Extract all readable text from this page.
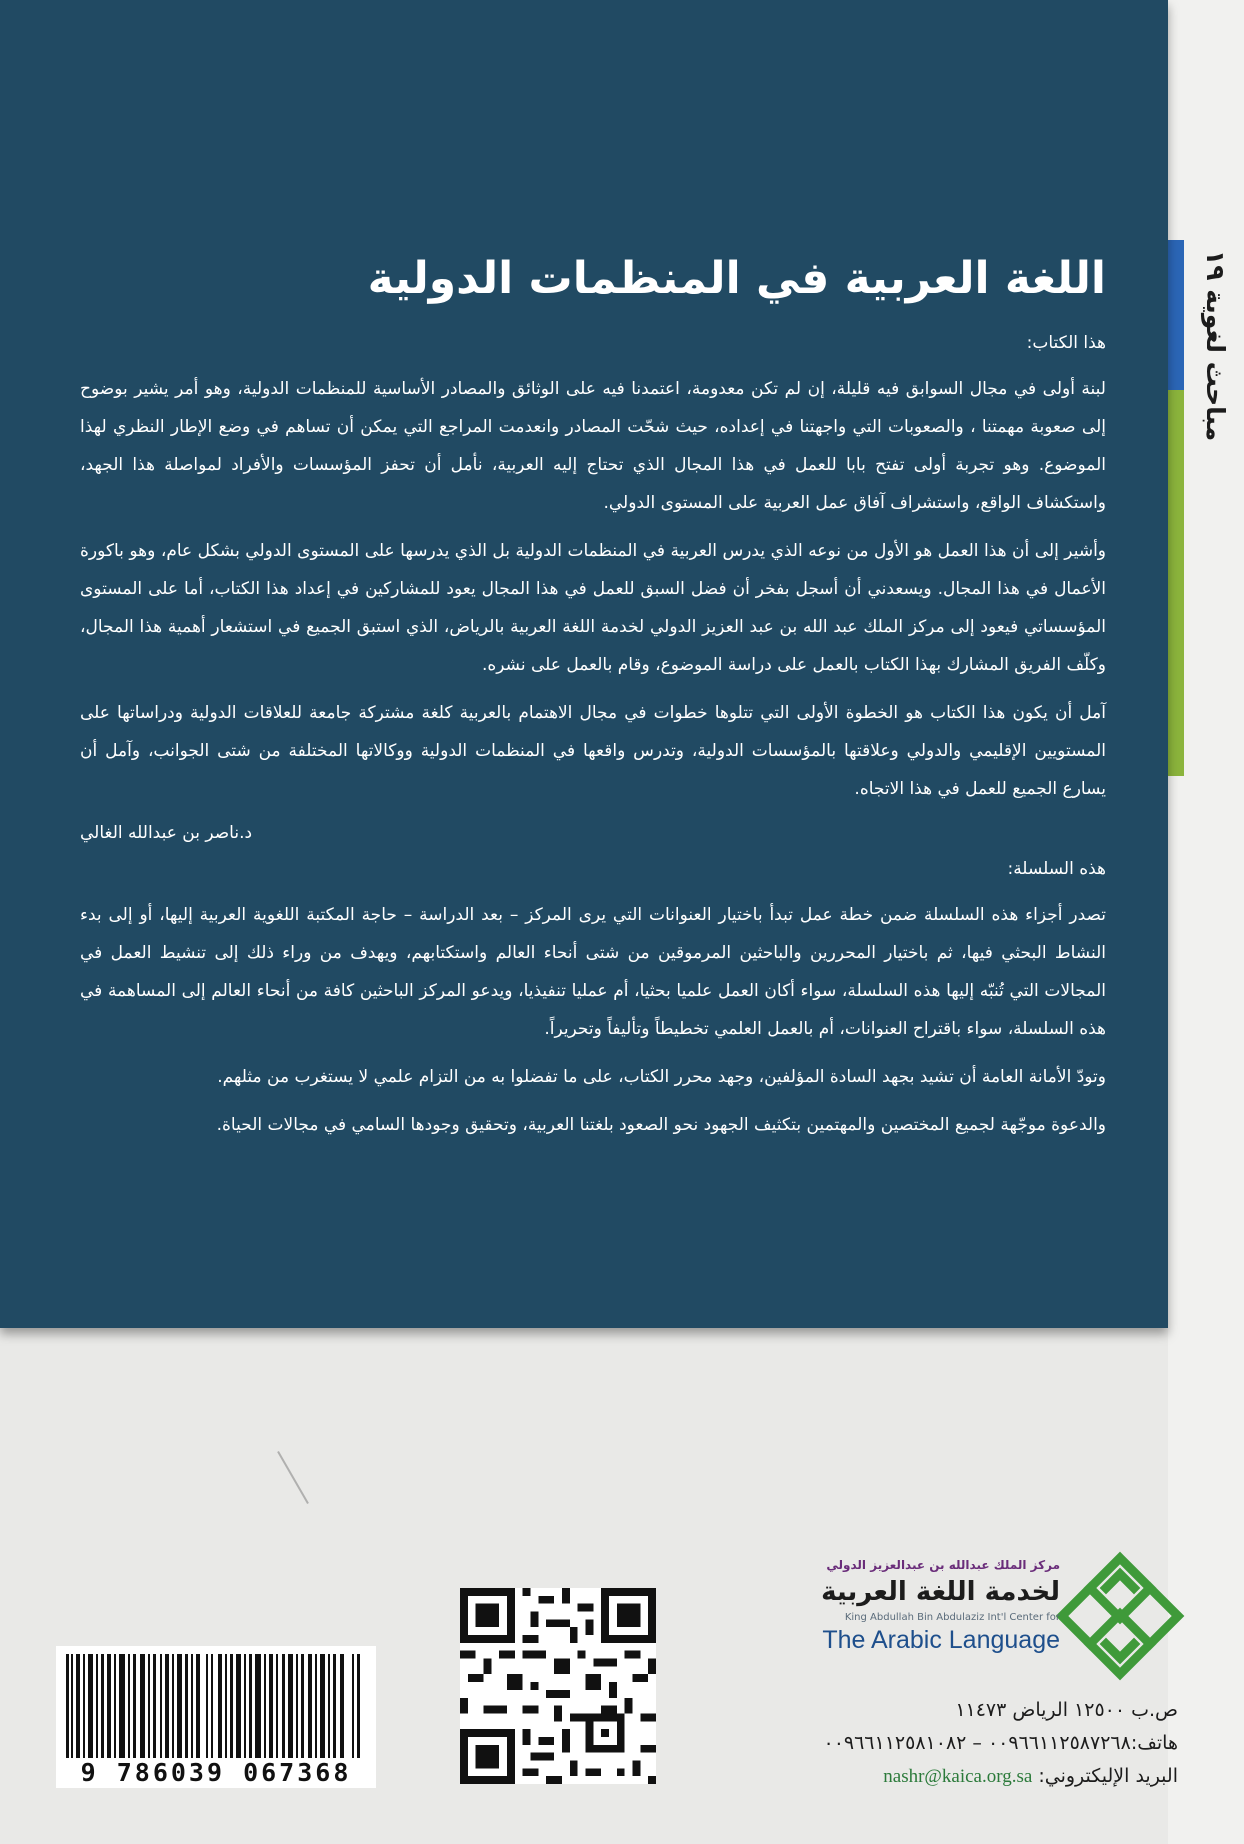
مباحث لغوية ١٩
اللغة العربية في المنظمات الدولية
هذا الكتاب:

لبنة أولى في مجال السوابق فيه قليلة، إن لم تكن معدومة، اعتمدنا فيه على الوثائق والمصادر الأساسية للمنظمات الدولية، وهو أمر يشير بوضوح إلى صعوبة مهمتنا ، والصعوبات التي واجهتنا في إعداده، حيث شحّت المصادر وانعدمت المراجع التي يمكن أن تساهم في وضع الإطار النظري لهذا الموضوع. وهو تجربة أولى تفتح بابا للعمل في هذا المجال الذي تحتاج إليه العربية، نأمل أن تحفز المؤسسات والأفراد لمواصلة هذا الجهد، واستكشاف الواقع، واستشراف آفاق عمل العربية على المستوى الدولي.

وأشير إلى أن هذا العمل هو الأول من نوعه الذي يدرس العربية في المنظمات الدولية بل الذي يدرسها على المستوى الدولي بشكل عام، وهو باكورة الأعمال في هذا المجال. ويسعدني أن أسجل بفخر أن فضل السبق للعمل في هذا المجال يعود للمشاركين في إعداد هذا الكتاب، أما على المستوى المؤسساتي فيعود إلى مركز الملك عبد الله بن عبد العزيز الدولي لخدمة اللغة العربية بالرياض، الذي استبق الجميع في استشعار أهمية هذا المجال، وكلّف الفريق المشارك بهذا الكتاب بالعمل على دراسة الموضوع، وقام بالعمل على نشره.

آمل أن يكون هذا الكتاب هو الخطوة الأولى التي تتلوها خطوات في مجال الاهتمام بالعربية كلغة مشتركة جامعة للعلاقات الدولية ودراساتها على المستويين الإقليمي والدولي وعلاقتها بالمؤسسات الدولية، وتدرس واقعها في المنظمات الدولية ووكالاتها المختلفة من شتى الجوانب، وآمل أن يسارع الجميع للعمل في هذا الاتجاه.

د.ناصر بن عبدالله الغالي
هذه السلسلة:

تصدر أجزاء هذه السلسلة ضمن خطة عمل تبدأ باختيار العنوانات التي يرى المركز – بعد الدراسة – حاجة المكتبة اللغوية العربية إليها، أو إلى بدء النشاط البحثي فيها، ثم باختيار المحررين والباحثين المرموقين من شتى أنحاء العالم واستكتابهم، ويهدف من وراء ذلك إلى تنشيط العمل في المجالات التي تُنبّه إليها هذه السلسلة، سواء أكان العمل علميا بحثيا، أم عمليا تنفيذيا، ويدعو المركز الباحثين كافة من أنحاء العالم إلى المساهمة في هذه السلسلة، سواء باقتراح العنوانات، أم بالعمل العلمي تخطيطاً وتأليفاً وتحريراً.

وتودّ الأمانة العامة أن تشيد بجهد السادة المؤلفين، وجهد محرر الكتاب، على ما تفضلوا به من التزام علمي لا يستغرب من مثلهم.

والدعوة موجّهة لجميع المختصين والمهتمين بتكثيف الجهود نحو الصعود بلغتنا العربية، وتحقيق وجودها السامي في مجالات الحياة.

مركز الملك عبدالله بن عبدالعزيز الدولي
لخدمة اللغة العربية
King Abdullah Bin Abdulaziz Int'l Center for
The Arabic Language
ص.ب ١٢٥٠٠ الرياض ١١٤٧٣
هاتف:٠٠٩٦٦١١٢٥٨٧٢٦٨ – ٠٠٩٦٦١١٢٥٨١٠٨٢
البريد الإليكتروني: nashr@kaica.org.sa
9 786039 067368
